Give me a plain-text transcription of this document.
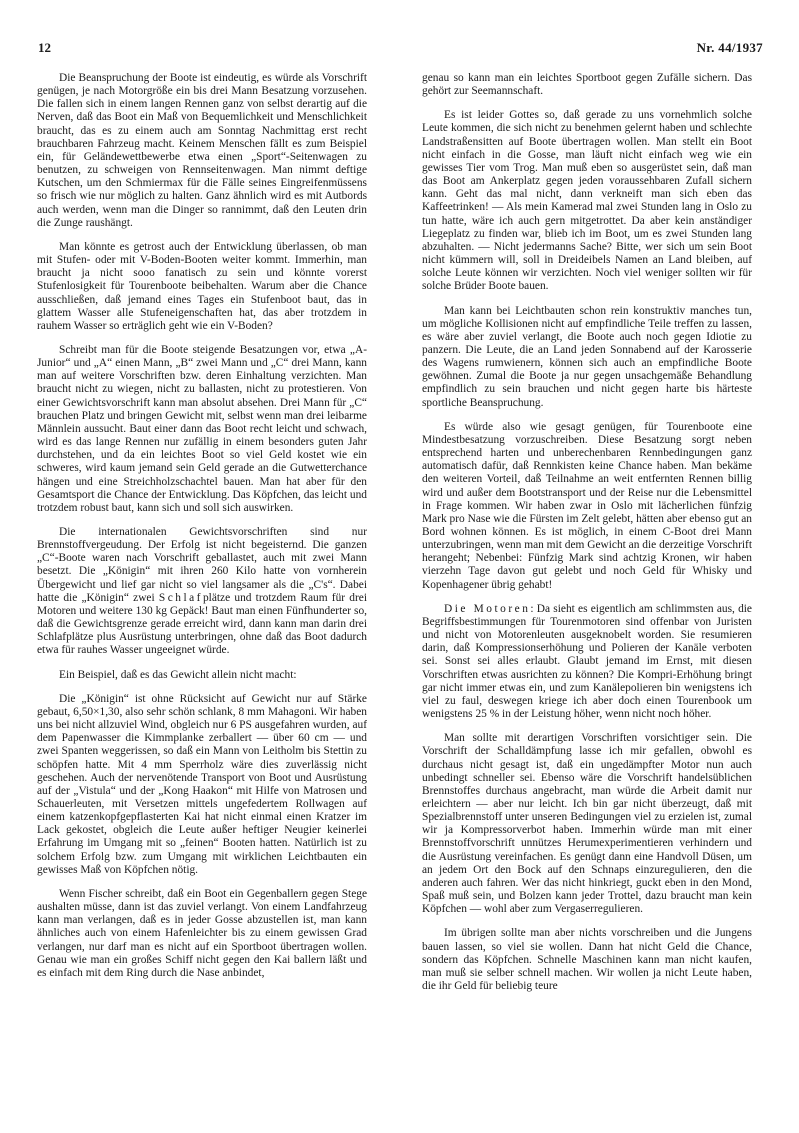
12	Nr. 44/1937

Die Beanspruchung der Boote ist eindeutig, es würde als Vorschrift genügen, je nach Motorgröße ein bis drei Mann Besatzung vorzusehen. Die fallen sich in einem langen Rennen ganz von selbst derartig auf die Nerven, daß das Boot ein Maß von Bequemlichkeit und Menschlichkeit braucht, das es zu einem auch am Sonntag Nachmittag erst recht brauchbaren Fahrzeug macht. Keinem Menschen fällt es zum Beispiel ein, für Geländewettbewerbe etwa einen „Sport“-Seitenwagen zu benutzen, zu schweigen von Rennseitenwagen. Man nimmt deftige Kutschen, um den Schmiermax für die Fälle seines Eingreifenmüssens so frisch wie nur möglich zu halten. Ganz ähnlich wird es mit Autbords auch werden, wenn man die Dinger so rannimmt, daß den Leuten drin die Zunge raushängt.

Man könnte es getrost auch der Entwicklung überlassen, ob man mit Stufen- oder mit V-Boden-Booten weiter kommt. Immerhin, man braucht ja nicht sooo fanatisch zu sein und könnte vorerst Stufenlosigkeit für Tourenboote beibehalten. Warum aber die Chance ausschließen, daß jemand eines Tages ein Stufenboot baut, das in glattem Wasser alle Stufeneigenschaften hat, das aber trotzdem in rauhem Wasser so erträglich geht wie ein V-Boden?

Schreibt man für die Boote steigende Besatzungen vor, etwa „A-Junior“ und „A“ einen Mann, „B“ zwei Mann und „C“ drei Mann, kann man auf weitere Vorschriften bzw. deren Einhaltung verzichten. Man braucht nicht zu wiegen, nicht zu ballasten, nicht zu protestieren. Von einer Gewichtsvorschrift kann man absolut absehen. Drei Mann für „C“ brauchen Platz und bringen Gewicht mit, selbst wenn man drei leibarme Männlein aussucht. Baut einer dann das Boot recht leicht und schwach, wird es das lange Rennen nur zufällig in einem besonders guten Jahr durchstehen, und da ein leichtes Boot so viel Geld kostet wie ein schweres, wird kaum jemand sein Geld gerade an die Gutwetterchance hängen und eine Streichholzschachtel bauen. Man hat aber für den Gesamtsport die Chance der Entwicklung. Das Köpfchen, das leicht und trotzdem robust baut, kann sich und soll sich auswirken.

Die internationalen Gewichtsvorschriften sind nur Brennstoffvergeudung. Der Erfolg ist nicht begeisternd. Die ganzen „C“-Boote waren nach Vorschrift geballastet, auch mit zwei Mann besetzt. Die „Königin“ mit ihren 260 Kilo hatte von vornherein Übergewicht und lief gar nicht so viel langsamer als die „C's“. Dabei hatte die „Königin“ zwei Schlafplätze und trotzdem Raum für drei Motoren und weitere 130 kg Gepäck! Baut man einen Fünfhunderter so, daß die Gewichtsgrenze gerade erreicht wird, dann kann man darin drei Schlafplätze plus Ausrüstung unterbringen, ohne daß das Boot dadurch etwa für rauhes Wasser ungeeignet würde.

Ein Beispiel, daß es das Gewicht allein nicht macht:

Die „Königin“ ist ohne Rücksicht auf Gewicht nur auf Stärke gebaut, 6,50×1,30, also sehr schön schlank, 8 mm Mahagoni. Wir haben uns bei nicht allzuviel Wind, obgleich nur 6 PS ausgefahren wurden, auf dem Papenwasser die Kimmplanke zerballert — über 60 cm — und zwei Spanten weggerissen, so daß ein Mann von Leitholm bis Stettin zu schöpfen hatte. Mit 4 mm Sperrholz wäre dies zuverlässig nicht geschehen. Auch der nervenötende Transport von Boot und Ausrüstung auf der „Vistula“ und der „Kong Haakon“ mit Hilfe von Matrosen und Schauerleuten, mit Versetzen mittels ungefedertem Rollwagen auf einem katzenkopfgepflasterten Kai hat nicht einmal einen Kratzer im Lack gekostet, obgleich die Leute außer heftiger Neugier keinerlei Erfahrung im Umgang mit so „feinen“ Booten hatten. Natürlich ist zu solchem Erfolg bzw. zum Umgang mit wirklichen Leichtbauten ein gewisses Maß von Köpfchen nötig.

Wenn Fischer schreibt, daß ein Boot ein Gegenballern gegen Stege aushalten müsse, dann ist das zuviel verlangt. Von einem Landfahrzeug kann man verlangen, daß es in jeder Gosse abzustellen ist, man kann ähnliches auch von einem Hafenleichter bis zu einem gewissen Grad verlangen, nur darf man es nicht auf ein Sportboot übertragen wollen. Genau wie man ein großes Schiff nicht gegen den Kai ballern läßt und es einfach mit dem Ring durch die Nase anbindet,

genau so kann man ein leichtes Sportboot gegen Zufälle sichern. Das gehört zur Seemannschaft.

Es ist leider Gottes so, daß gerade zu uns vornehmlich solche Leute kommen, die sich nicht zu benehmen gelernt haben und schlechte Landstraßensitten auf Boote übertragen wollen. Man stellt ein Boot nicht einfach in die Gosse, man läuft nicht einfach weg wie ein gewisses Tier vom Trog. Man muß eben so ausgerüstet sein, daß man das Boot am Ankerplatz gegen jeden voraussehbaren Zufall sichern kann. Geht das mal nicht, dann verkneift man sich eben das Kaffeetrinken! — Als mein Kamerad mal zwei Stunden lang in Oslo zu tun hatte, wäre ich auch gern mitgetrottet. Da aber kein anständiger Liegeplatz zu finden war, blieb ich im Boot, um es zwei Stunden lang abzuhalten. — Nicht jedermanns Sache? Bitte, wer sich um sein Boot nicht kümmern will, soll in Dreideibels Namen an Land bleiben, auf solche Leute können wir verzichten. Noch viel weniger sollten wir für solche Brüder Boote bauen.

Man kann bei Leichtbauten schon rein konstruktiv manches tun, um mögliche Kollisionen nicht auf empfindliche Teile treffen zu lassen, es wäre aber zuviel verlangt, die Boote auch noch gegen Idiotie zu panzern. Die Leute, die an Land jeden Sonnabend auf der Karosserie des Wagens rumwienern, können sich auch an empfindliche Boote gewöhnen. Zumal die Boote ja nur gegen unsachgemäße Behandlung empfindlich zu sein brauchen und nicht gegen harte bis härteste sportliche Beanspruchung.

Es würde also wie gesagt genügen, für Tourenboote eine Mindestbesatzung vorzuschreiben. Diese Besatzung sorgt neben entsprechend harten und unberechenbaren Rennbedingungen ganz automatisch dafür, daß Rennkisten keine Chance haben. Man bekäme den weiteren Vorteil, daß Teilnahme an weit entfernten Rennen billig wird und außer dem Bootstransport und der Reise nur die Lebensmittel in Frage kommen. Wir haben zwar in Oslo mit lächerlichen fünfzig Mark pro Nase wie die Fürsten im Zelt gelebt, hätten aber ebenso gut an Bord wohnen können. Es ist möglich, in einem C-Boot drei Mann unterzubringen, wenn man mit dem Gewicht an die derzeitige Vorschrift herangeht; Nebenbei: Fünfzig Mark sind achtzig Kronen, wir haben vierzehn Tage davon gut gelebt und noch Geld für Whisky und Kopenhagener übrig gehabt!

Die Motoren: Da sieht es eigentlich am schlimmsten aus, die Begriffsbestimmungen für Tourenmotoren sind offenbar von Juristen und nicht von Motorenleuten ausgeknobelt worden. Sie resumieren darin, daß Kompressionserhöhung und Polieren der Kanäle verboten sei. Sonst sei alles erlaubt. Glaubt jemand im Ernst, mit diesen Vorschriften etwas ausrichten zu können? Die Kompri-Erhöhung bringt gar nicht immer etwas ein, und zum Kanälepolieren bin wenigstens ich viel zu faul, deswegen kriege ich aber doch einen Tourenbook um wenigstens 25 % in der Leistung höher, wenn nicht noch höher.

Man sollte mit derartigen Vorschriften vorsichtiger sein. Die Vorschrift der Schalldämpfung lasse ich mir gefallen, obwohl es durchaus nicht gesagt ist, daß ein ungedämpfter Motor nun auch unbedingt schneller sei. Ebenso wäre die Vorschrift handelsüblichen Brennstoffes durchaus angebracht, man würde die Arbeit damit nur erleichtern — aber nur leicht. Ich bin gar nicht überzeugt, daß mit Spezialbrennstoff unter unseren Bedingungen viel zu erzielen ist, zumal wir ja Kompressorverbot haben. Immerhin würde man mit einer Brennstoffvorschrift unnützes Herumexperimentieren verhindern und die Ausrüstung vereinfachen. Es genügt dann eine Handvoll Düsen, um an jedem Ort den Bock auf den Schnaps einzuregulieren, den die anderen auch fahren. Wer das nicht hinkriegt, guckt eben in den Mond, Spaß muß sein, und Bolzen kann jeder Trottel, dazu braucht man kein Köpfchen — wohl aber zum Vergaserregulieren.

Im übrigen sollte man aber nichts vorschreiben und die Jungens bauen lassen, so viel sie wollen. Dann hat nicht Geld die Chance, sondern das Köpfchen. Schnelle Maschinen kann man nicht kaufen, man muß sie selber schnell machen. Wir wollen ja nicht Leute haben, die ihr Geld für beliebig teure
